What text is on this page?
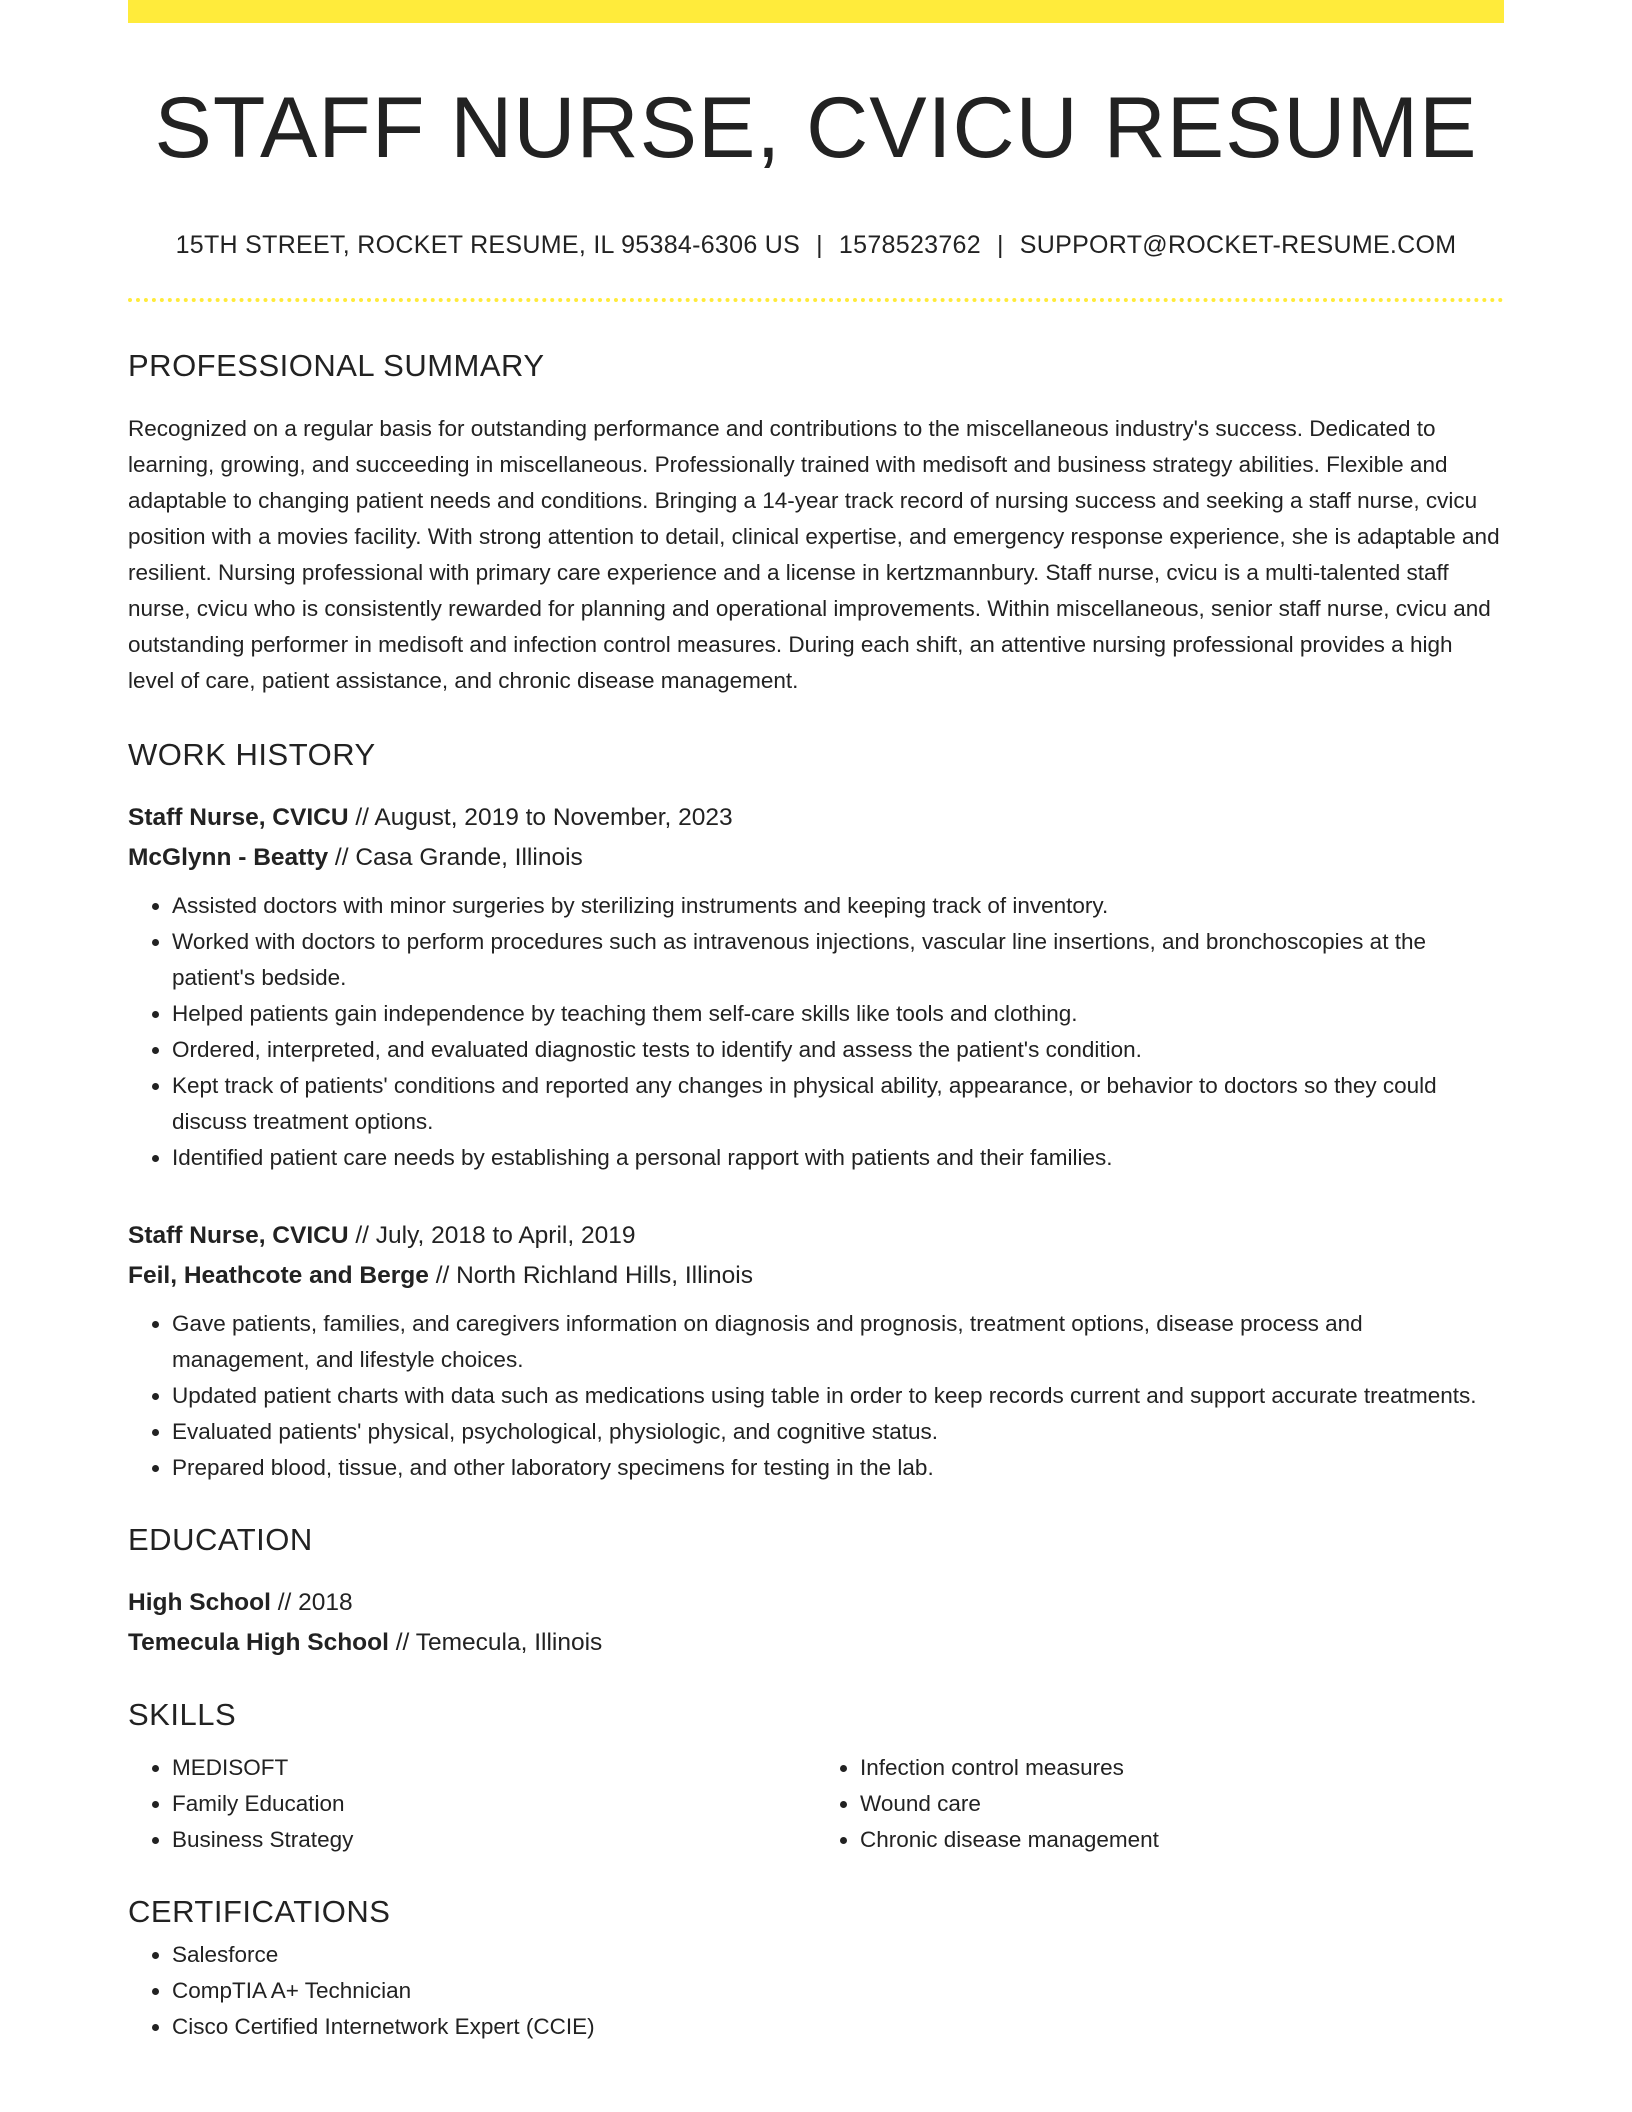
STAFF NURSE, CVICU RESUME
15TH STREET, ROCKET RESUME, IL 95384-6306 US | 1578523762 | SUPPORT@ROCKET-RESUME.COM
PROFESSIONAL SUMMARY

Recognized on a regular basis for outstanding performance and contributions to the miscellaneous industry's success. Dedicated to learning, growing, and succeeding in miscellaneous. Professionally trained with medisoft and business strategy abilities. Flexible and adaptable to changing patient needs and conditions. Bringing a 14-year track record of nursing success and seeking a staff nurse, cvicu position with a movies facility. With strong attention to detail, clinical expertise, and emergency response experience, she is adaptable and resilient. Nursing professional with primary care experience and a license in kertzmannbury. Staff nurse, cvicu is a multi-talented staff nurse, cvicu who is consistently rewarded for planning and operational improvements. Within miscellaneous, senior staff nurse, cvicu and outstanding performer in medisoft and infection control measures. During each shift, an attentive nursing professional provides a high level of care, patient assistance, and chronic disease management.

WORK HISTORY
Staff Nurse, CVICU // August, 2019 to November, 2023
McGlynn - Beatty // Casa Grande, Illinois
• Assisted doctors with minor surgeries by sterilizing instruments and keeping track of inventory.
• Worked with doctors to perform procedures such as intravenous injections, vascular line insertions, and bronchoscopies at the patient's bedside.
• Helped patients gain independence by teaching them self-care skills like tools and clothing.
• Ordered, interpreted, and evaluated diagnostic tests to identify and assess the patient's condition.
• Kept track of patients' conditions and reported any changes in physical ability, appearance, or behavior to doctors so they could discuss treatment options.
• Identified patient care needs by establishing a personal rapport with patients and their families.
Staff Nurse, CVICU // July, 2018 to April, 2019
Feil, Heathcote and Berge // North Richland Hills, Illinois
• Gave patients, families, and caregivers information on diagnosis and prognosis, treatment options, disease process and management, and lifestyle choices.
• Updated patient charts with data such as medications using table in order to keep records current and support accurate treatments.
• Evaluated patients' physical, psychological, physiologic, and cognitive status.
• Prepared blood, tissue, and other laboratory specimens for testing in the lab.
EDUCATION
High School // 2018
Temecula High School // Temecula, Illinois
SKILLS
• MEDISOFT
• Family Education
• Business Strategy
• Infection control measures
• Wound care
• Chronic disease management
CERTIFICATIONS
• Salesforce
• CompTIA A+ Technician
• Cisco Certified Internetwork Expert (CCIE)
